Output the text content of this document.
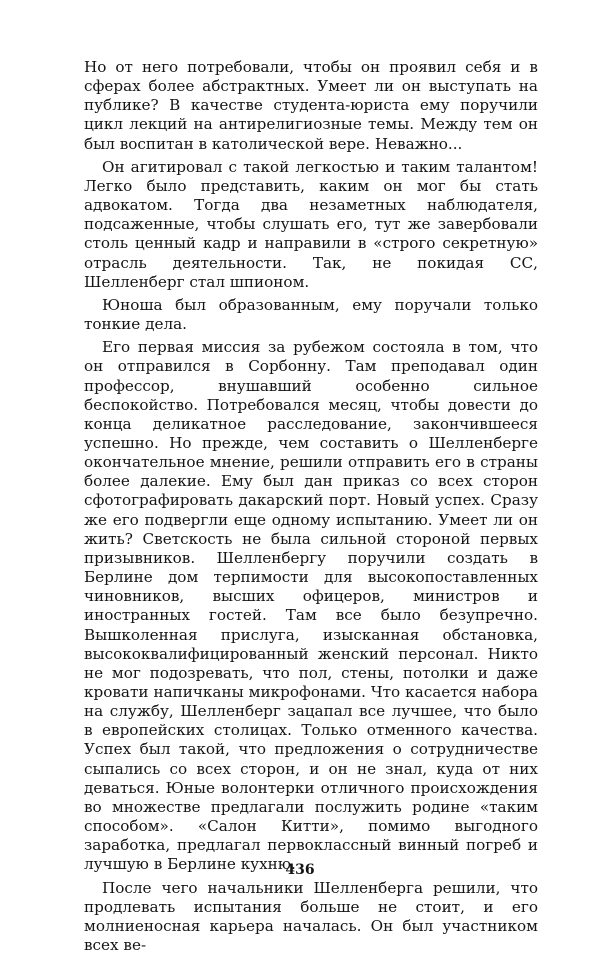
Но от него потребовали, чтобы он проявил себя и в сферах более абстрактных. Умеет ли он выступать на публике? В качестве студента-юриста ему поручили цикл лекций на антирелигиозные темы. Между тем он был воспитан в католической вере. Неважно...

Он агитировал с такой легкостью и таким талантом! Легко было представить, каким он мог бы стать адвокатом. Тогда два незаметных наблюдателя, подсаженные, чтобы слушать его, тут же завербовали столь ценный кадр и направили в «строго секретную» отрасль деятельности. Так, не покидая СС, Шелленберг стал шпионом.

Юноша был образованным, ему поручали только тонкие дела.

Его первая миссия за рубежом состояла в том, что он отправился в Сорбонну. Там преподавал один профессор, внушавший особенно сильное беспокойство. Потребовался месяц, чтобы довести до конца деликатное расследование, закончившееся успешно. Но прежде, чем составить о Шелленберге окончательное мнение, решили отправить его в страны более далекие. Ему был дан приказ со всех сторон сфотографировать дакарский порт. Новый успех. Сразу же его подвергли еще одному испытанию. Умеет ли он жить? Светскость не была сильной стороной первых призывников. Шелленбергу поручили создать в Берлине дом терпимости для высокопоставленных чиновников, высших офицеров, министров и иностранных гостей. Там все было безупречно. Вышколенная прислуга, изысканная обстановка, высококвалифицированный женский персонал. Никто не мог подозревать, что пол, стены, потолки и даже кровати напичканы микрофонами. Что касается набора на службу, Шелленберг зацапал все лучшее, что было в европейских столицах. Только отменного качества. Успех был такой, что предложения о сотрудничестве сыпались со всех сторон, и он не знал, куда от них деваться. Юные волонтерки отличного происхождения во множестве предлагали послужить родине «таким способом». «Салон Китти», помимо выгодного заработка, предлагал первоклассный винный погреб и лучшую в Берлине кухню.

После чего начальники Шелленберга решили, что продлевать испытания больше не стоит, и его молниеносная карьера началась. Он был участником всех ве-

436
